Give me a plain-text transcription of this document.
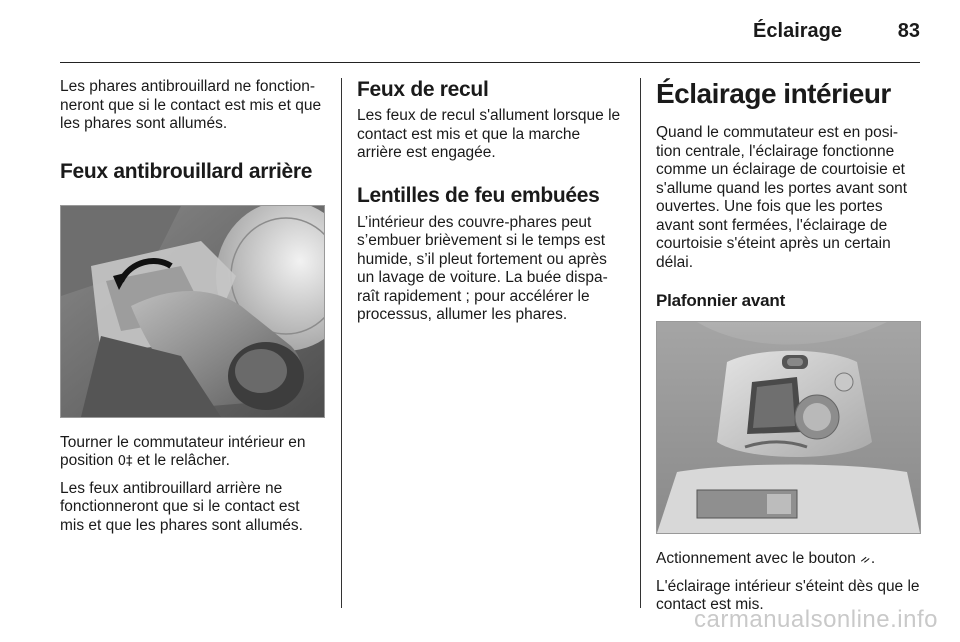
Éclairage	83

Les phares antibrouillard ne fonction-neront que si le contact est mis et que les phares sont allumés.

Feux antibrouillard arrière

Tourner le commutateur intérieur en position 0‡ et le relâcher.

Les feux antibrouillard arrière ne fonctionneront que si le contact est mis et que les phares sont allumés.

Feux de recul

Les feux de recul s'allument lorsque le contact est mis et que la marche arrière est engagée.

Lentilles de feu embuées

L’intérieur des couvre-phares peut s’embuer brièvement si le temps est humide, s’il pleut fortement ou après un lavage de voiture. La buée dispa-raît rapidement ; pour accélérer le processus, allumer les phares.

Éclairage intérieur

Quand le commutateur est en posi-tion centrale, l'éclairage fonctionne comme un éclairage de courtoisie et s'allume quand les portes avant sont ouvertes. Une fois que les portes avant sont fermées, l'éclairage de courtoisie s'éteint après un certain délai.

Plafonnier avant

Actionnement avec le bouton ᨀ.

L'éclairage intérieur s'éteint dès que le contact est mis.

carmanualsonline.info
